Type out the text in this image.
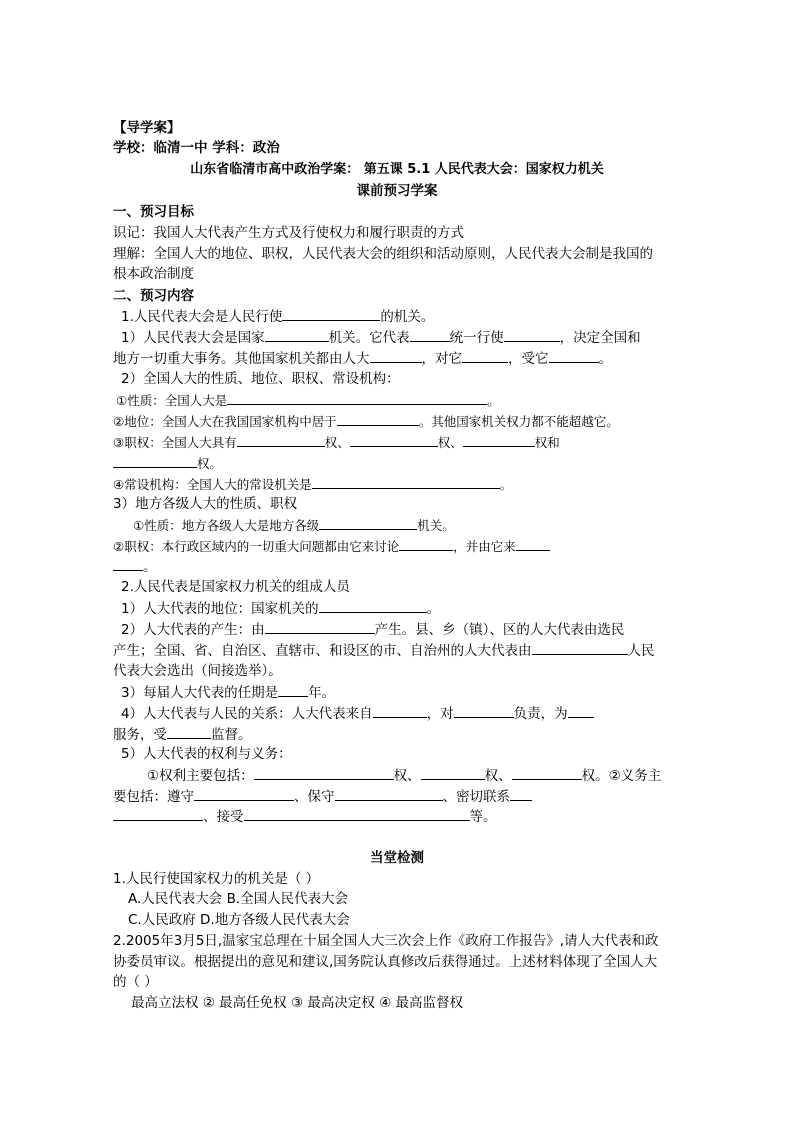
【导学案】
学校：临清一中 学科：政治
山东省临清市高中政治学案： 第五课 5.1 人民代表大会：国家权力机关
课前预习学案
一、预习目标
识记：我国人大代表产生方式及行使权力和履行职责的方式
理解：全国人大的地位、职权，人民代表大会的组织和活动原则，人民代表大会制是我国的
根本政治制度
二、预习内容
1.人民代表大会是人民行使	的机关。
1）人民代表大会是国家	机关。它代表	统一行使	，决定全国和
地方一切重大事务。其他国家机关都由人大	，对它	，受它	。
2）全国人大的性质、地位、职权、常设机构：
①性质：全国人大是	。
②地位：全国人大在我国国家机构中居于	。其他国家机关权力都不能超越它。
③职权：全国人大具有	权、	权、	权和
权。
④常设机构：全国人大的常设机关是	。
3）地方各级人大的性质、职权
①性质：地方各级人大是地方各级	机关。
②职权：本行政区域内的一切重大问题都由它来讨论	，并由它来
。
2.人民代表是国家权力机关的组成人员
1）人大代表的地位：国家机关的	。
2）人大代表的产生：由	产生。县、乡（镇）、区的人大代表由选民
产生；全国、省、自治区、直辖市、和设区的市、自治州的人大代表由	人民
代表大会选出（间接选举）。
3）每届人大代表的任期是 年。
4）人大代表与人民的关系：人大代表来自	，对	负责，为
服务，受	监督。
5）人大代表的权利与义务：
①权利主要包括：	权、	权、	权。②义务主
要包括：遵守	、保守	、密切联系
、接受	等。
当堂检测
1.人民行使国家权力的机关是（ ）
A.人民代表大会 B.全国人民代表大会
C.人民政府 D.地方各级人民代表大会
2.2005年3月5日,温家宝总理在十届全国人大三次会上作《政府工作报告》,请人大代表和政
协委员审议。根据提出的意见和建议,国务院认真修改后获得通过。上述材料体现了全国人大
的（ ）
最高立法权 ② 最高任免权 ③ 最高决定权 ④ 最高监督权
